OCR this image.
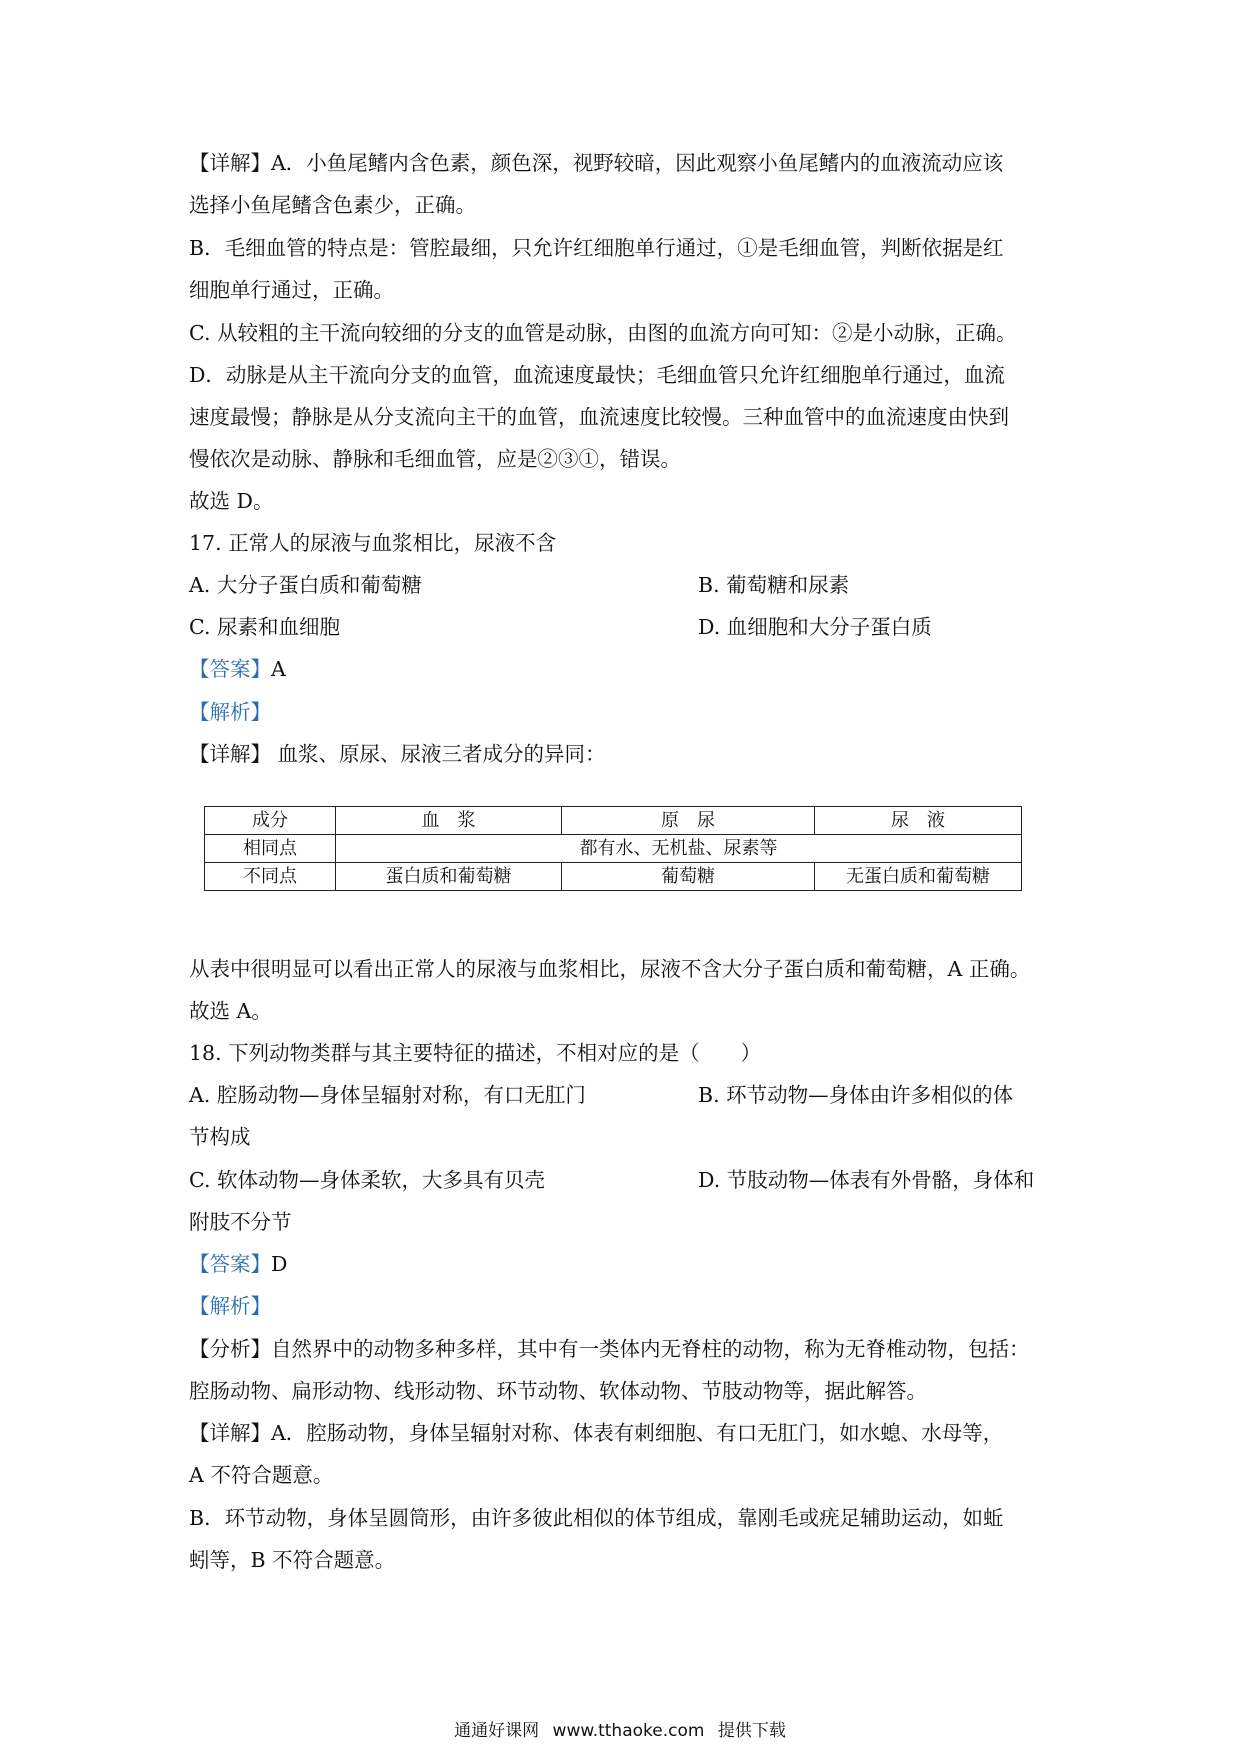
【详解】A．小鱼尾鳍内含色素，颜色深，视野较暗，因此观察小鱼尾鳍内的血液流动应该
选择小鱼尾鳍含色素少，正确。
B．毛细血管的特点是：管腔最细，只允许红细胞单行通过，①是毛细血管，判断依据是红
细胞单行通过，正确。
C. 从较粗的主干流向较细的分支的血管是动脉，由图的血流方向可知：②是小动脉，正确。
D．动脉是从主干流向分支的血管，血流速度最快；毛细血管只允许红细胞单行通过，血流
速度最慢；静脉是从分支流向主干的血管，血流速度比较慢。三种血管中的血流速度由快到
慢依次是动脉、静脉和毛细血管，应是②③①，错误。
故选 D。
17. 正常人的尿液与血浆相比，尿液不含
A. 大分子蛋白质和葡萄糖	B. 葡萄糖和尿素
C. 尿素和血细胞	D. 血细胞和大分子蛋白质
【答案】A
【解析】
【详解】 血浆、原尿、尿液三者成分的异同：
成分	血　浆	原　尿	尿　液
相同点	都有水、无机盐、尿素等		
不同点	蛋白质和葡萄糖	葡萄糖	无蛋白质和葡萄糖
从表中很明显可以看出正常人的尿液与血浆相比，尿液不含大分子蛋白质和葡萄糖，A 正确。
故选 A。
18. 下列动物类群与其主要特征的描述，不相对应的是（　　）
A. 腔肠动物—身体呈辐射对称，有口无肛门	B. 环节动物—身体由许多相似的体
节构成
C. 软体动物—身体柔软，大多具有贝壳	D. 节肢动物—体表有外骨骼，身体和
附肢不分节
【答案】D
【解析】
【分析】自然界中的动物多种多样，其中有一类体内无脊柱的动物，称为无脊椎动物，包括：
腔肠动物、扁形动物、线形动物、环节动物、软体动物、节肢动物等，据此解答。
【详解】A．腔肠动物，身体呈辐射对称、体表有刺细胞、有口无肛门，如水螅、水母等，
A 不符合题意。
B．环节动物，身体呈圆筒形，由许多彼此相似的体节组成，靠刚毛或疣足辅助运动，如蚯
蚓等，B 不符合题意。
通通好课网 www.tthaoke.com 提供下载
